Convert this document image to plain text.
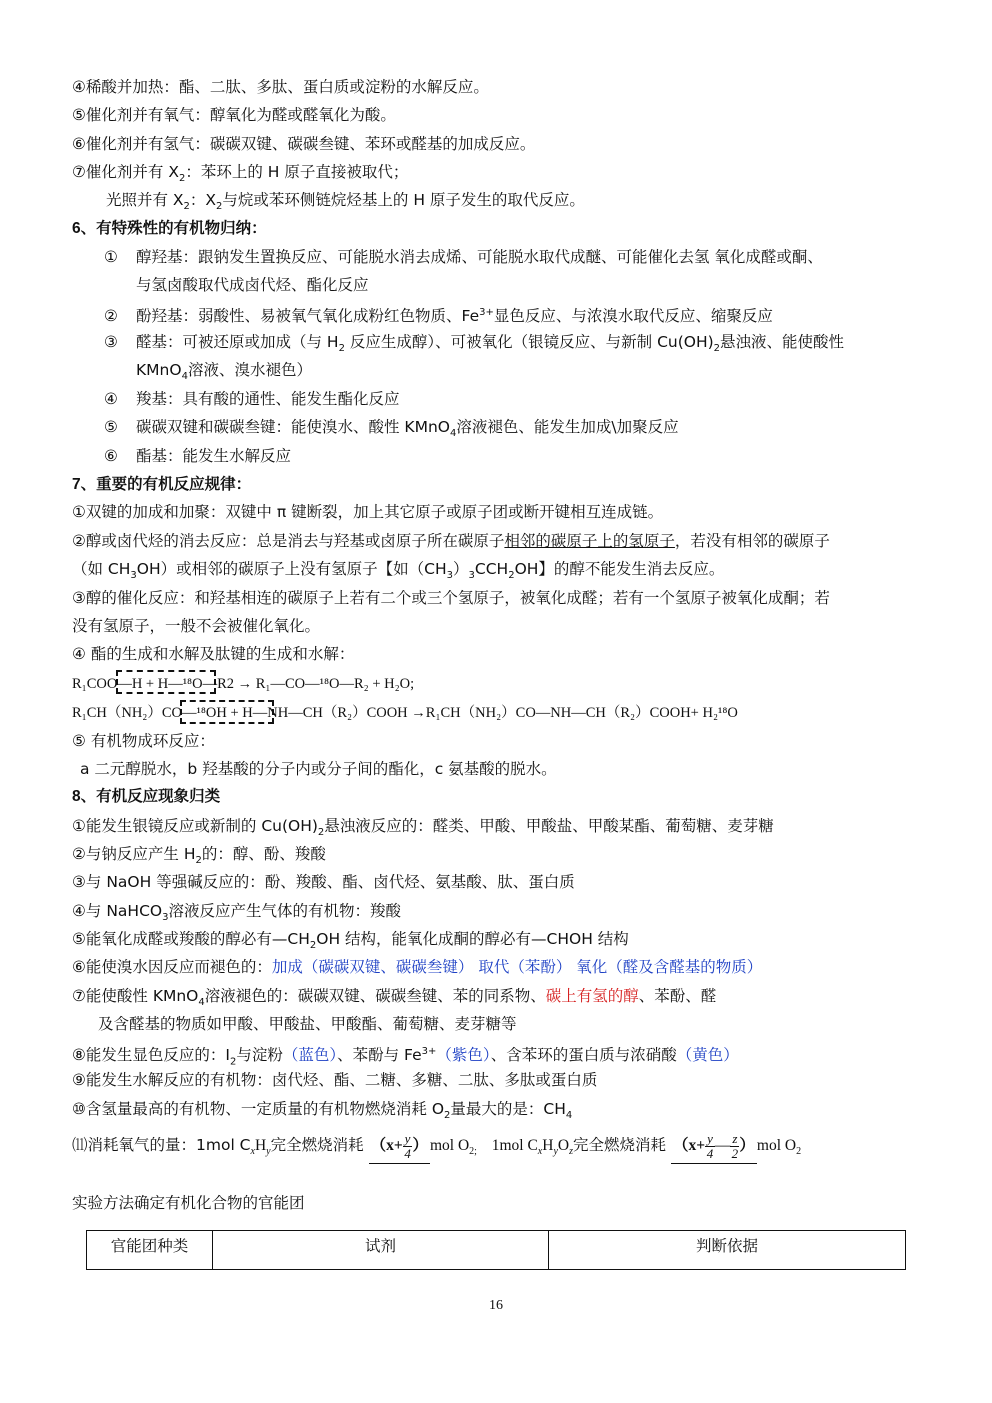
④稀酸并加热：酯、二肽、多肽、蛋白质或淀粉的水解反应。
⑤催化剂并有氧气：醇氧化为醛或醛氧化为酸。
⑥催化剂并有氢气：碳碳双键、碳碳叁键、苯环或醛基的加成反应。
⑦催化剂并有 $X_2$：苯环上的 H 原子直接被取代；
光照并有 $X_2$：$X_2$与烷或苯环侧链烷烃基上的 H 原子发生的取代反应。
6、有特殊性的有机物归纳：
① 醇羟基：跟钠发生置换反应、可能脱水消去成烯、可能脱水取代成醚、可能催化去氢 氧化成醛或酮、
与氢卤酸取代成卤代烃、酯化反应
② 酚羟基：弱酸性、易被氧气氧化成粉红色物质、$Fe^{3+}$显色反应、与浓溴水取代反应、缩聚反应
③ 醛基：可被还原或加成（与 $H_2$ 反应生成醇）、可被氧化（银镜反应、与新制 $Cu(OH)_2$悬浊液、能使酸性
KMnO$_4$溶液、溴水褪色）
④ 羧基：具有酸的通性、能发生酯化反应
⑤ 碳碳双键和碳碳叁键：能使溴水、酸性 KMnO$_4$溶液褪色、能发生加成\加聚反应
⑥ 酯基：能发生水解反应
7、重要的有机反应规律：
①双键的加成和加聚：双键中 π 键断裂，加上其它原子或原子团或断开键相互连成链。
②醇或卤代烃的消去反应：总是消去与羟基或卤原子所在碳原子相邻的碳原子上的氢原子，若没有相邻的碳原子
（如 $CH_3OH$）或相邻的碳原子上没有氢原子【如$(CH_3)_3CCH_2OH$】的醇不能发生消去反应。
③醇的催化反应：和羟基相连的碳原子上若有二个或三个氢原子，被氧化成醛；若有一个氢原子被氧化成酮；若
没有氢原子，一般不会被催化氧化。
④ 酯的生成和水解及肽键的生成和水解：
R₁COO—H + H—¹⁸O—R2 → R₁—CO—¹⁸O—R₂ + H₂O;
R₁CH（NH₂）CO—¹⁸OH + H—NH—CH（R₂）COOH →R₁CH（NH₂）CO—NH—CH（R₂）COOH+ H₂¹⁸O
⑤ 有机物成环反应：
a 二元醇脱水，b 羟基酸的分子内或分子间的酯化，c 氨基酸的脱水。
8、有机反应现象归类
①能发生银镜反应或新制的 $Cu(OH)_2$悬浊液反应的：醛类、甲酸、甲酸盐、甲酸某酯、葡萄糖、麦芽糖
②与钠反应产生 $H_2$的：醇、酚、羧酸
③与 NaOH 等强碱反应的：酚、羧酸、酯、卤代烃、氨基酸、肽、蛋白质
④与 NaHCO$_3$溶液反应产生气体的有机物：羧酸
⑤能氧化成醛或羧酸的醇必有$—CH_2OH$ 结构，能氧化成酮的醇必有—CHOH 结构
⑥能使溴水因反应而褪色的：加成（碳碳双键、碳碳叁键） 取代（苯酚） 氧化（醛及含醛基的物质）
⑦能使酸性 KMnO$_4$溶液褪色的：碳碳双键、碳碳叁键、苯的同系物、碳上有氢的醇、苯酚、醛
及含醛基的物质如甲酸、甲酸盐、甲酸酯、葡萄糖、麦芽糖等
⑧能发生显色反应的：$I_2$与淀粉（蓝色）、苯酚与 $Fe^{3+}$（紫色）、含苯环的蛋白质与浓硝酸（黄色）
⑨能发生水解反应的有机物：卤代烃、酯、二糖、多糖、二肽、多肽或蛋白质
⑩含氢量最高的有机物、一定质量的有机物燃烧消耗 $O_2$量最大的是：$CH_4$
⑾消耗氧气的量：1mol $C_xH_y$完全燃烧消耗 （$x+ \frac{y}{4}$ ） mol $O_{2;}$ 1mol $C_xH_yO_z$完全燃烧消耗 （$x+ \frac{y}{4}$ — $\frac{z}{2}$ ） mol $O_2$
实验方法确定有机化合物的官能团
官能团种类	试剂	判断依据
16
